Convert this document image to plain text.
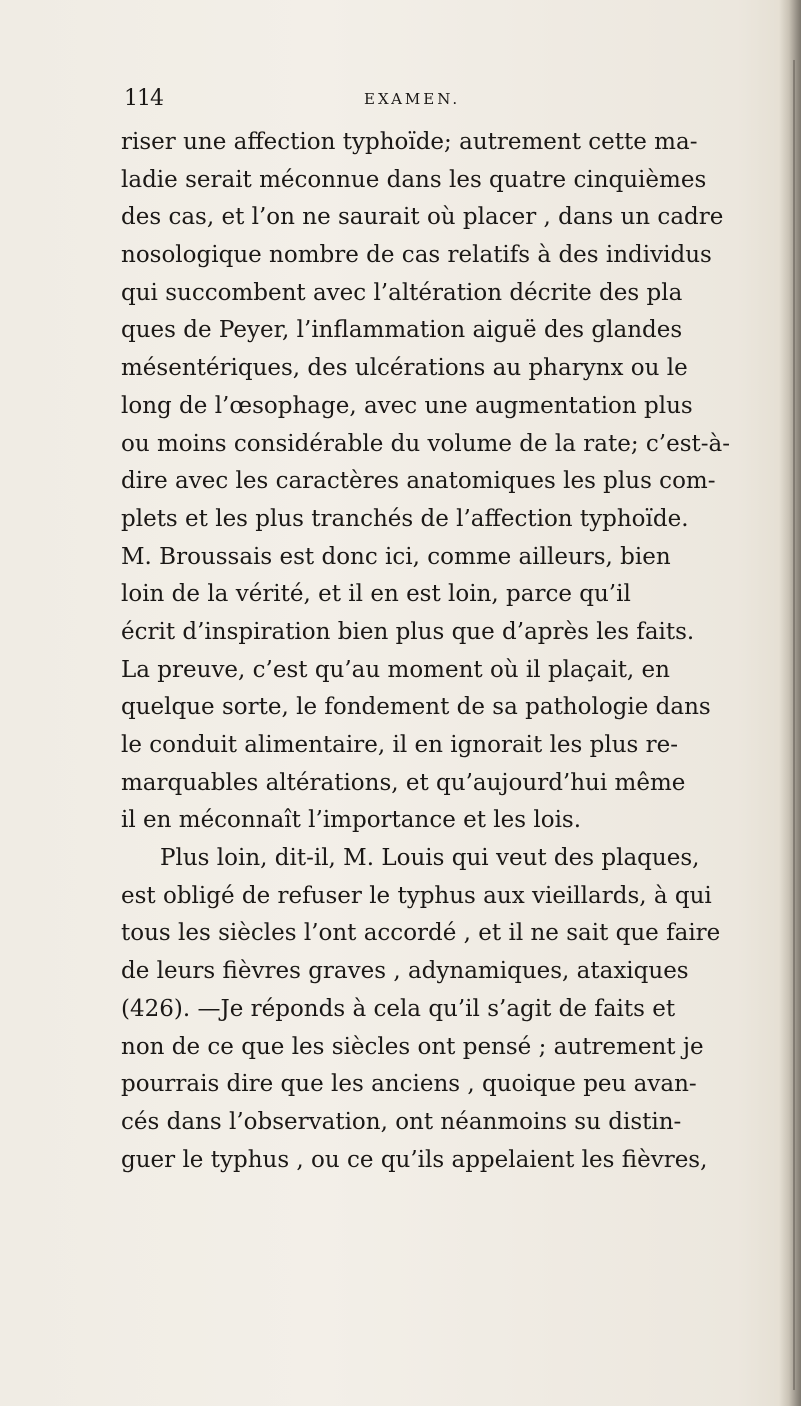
114	EXAMEN.
riser une affection typhoïde; autrement cette ma-
ladie serait méconnue dans les quatre cinquièmes
des cas, et l’on ne saurait où placer , dans un cadre
nosologique nombre de cas relatifs à des individus
qui succombent avec l’altération décrite des pla
ques de Peyer, l’inflammation aiguë des glandes
mésentériques, des ulcérations au pharynx ou le
long de l’œsophage, avec une augmentation plus
ou moins considérable du volume de la rate; c’est-à-
dire avec les caractères anatomiques les plus com-
plets et les plus tranchés de l’affection typhoïde.
M. Broussais est donc ici, comme ailleurs, bien
loin de la vérité, et il en est loin, parce qu’il
écrit d’inspiration bien plus que d’après les faits.
La preuve, c’est qu’au moment où il plaçait, en
quelque sorte, le fondement de sa pathologie dans
le conduit alimentaire, il en ignorait les plus re-
marquables altérations, et qu’aujourd’hui même
il en méconnaît l’importance et les lois.
Plus loin, dit-il, M. Louis qui veut des plaques,
est obligé de refuser le typhus aux vieillards, à qui
tous les siècles l’ont accordé , et il ne sait que faire
de leurs fièvres graves , adynamiques, ataxiques
(426). —Je réponds à cela qu’il s’agit de faits et
non de ce que les siècles ont pensé ; autrement je
pourrais dire que les anciens , quoique peu avan-
cés dans l’observation, ont néanmoins su distin-
guer le typhus , ou ce qu’ils appelaient les fièvres,
